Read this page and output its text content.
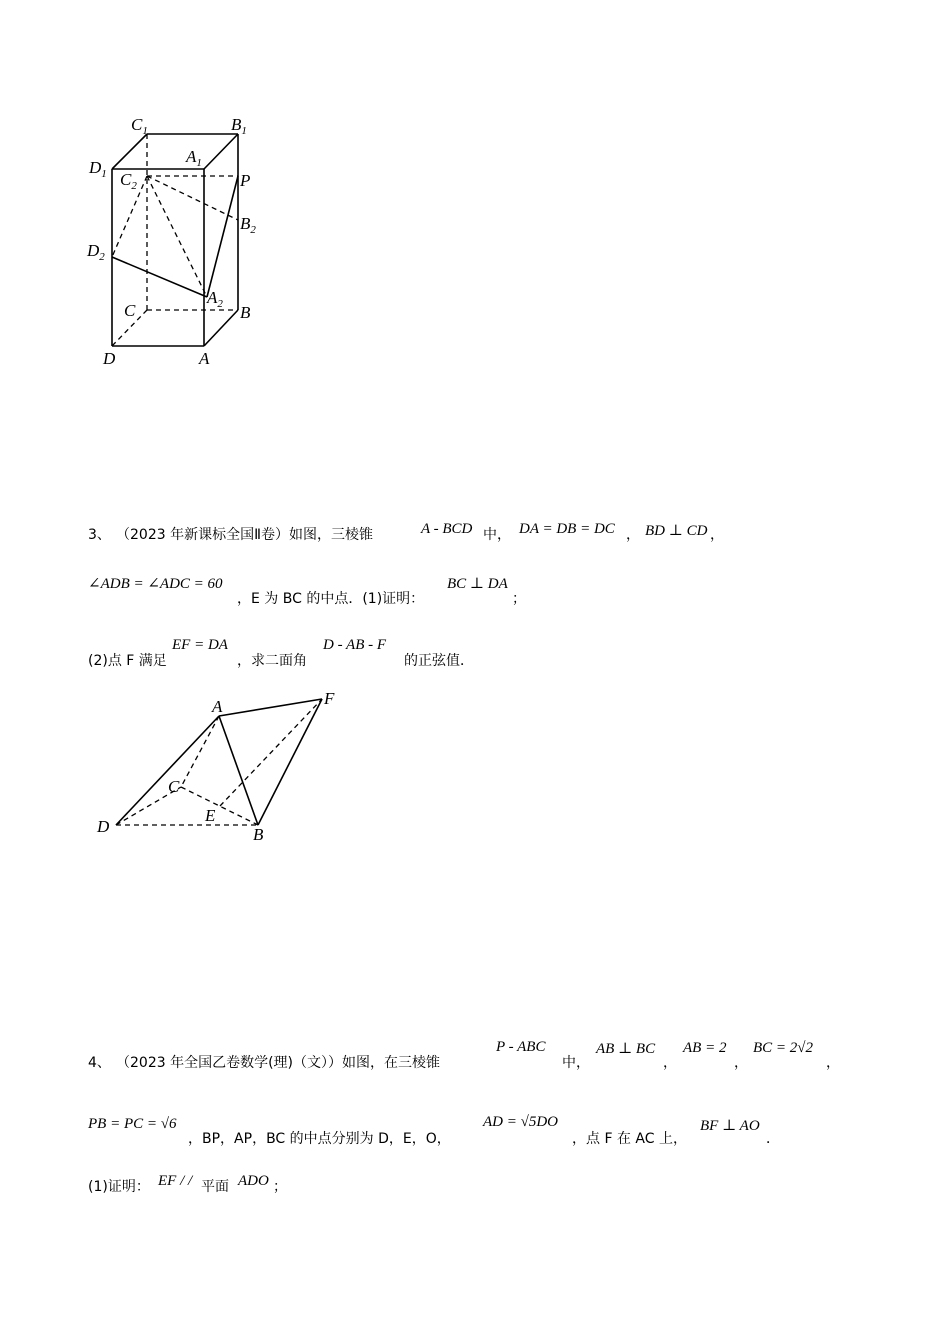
$C_1$	$B_1$
$D_1$
$A_1$
$C_2$	P
$B_2$
$D_2$
C
$A_2$ B
D	A
3、 （2023 年新课标全国Ⅱ卷）如图，三棱锥	A - BCD 中， DA = DB = DC ， BD ⊥ CD ，
∠ADB = ∠ADC = 60
，E 为 BC 的中点．(1)证明：
BC ⊥ DA
；
(2)点 F 满足
EF = DA
，求二面角
D - AB - F
的正弦值．
A	F
C
E
D	B
4、 （2023 年全国乙卷数学(理)（文））如图，在三棱锥
P - ABC
中，
AB ⊥ BC
，
AB = 2
，
BC = 2√2
，
PB = PC = √6
，BP，AP，BC 的中点分别为 D，E，O，
AD = √5DO
，点 F 在 AC 上，
BF ⊥ AO
．
(1)证明： EF / / 平面 ADO ；
